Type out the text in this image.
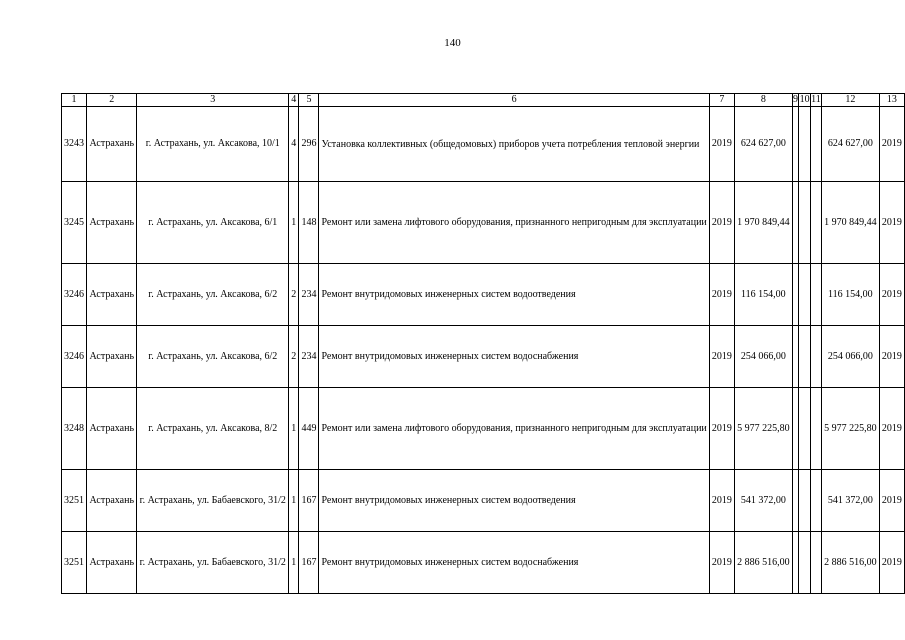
140
1	2	3	4	5	6	7	8	9	10	11	12	13
3243	Астрахань	г. Астрахань, ул. Аксакова, 10/1	4	296	Установка коллективных (общедомовых) приборов учета потребления тепловой энергии	2019	624 627,00				624 627,00	2019
3245	Астрахань	г. Астрахань, ул. Аксакова, 6/1	1	148	Ремонт или замена лифтового оборудования, признанного непригодным для эксплуатации	2019	1 970 849,44				1 970 849,44	2019
3246	Астрахань	г. Астрахань, ул. Аксакова, 6/2	2	234	Ремонт внутридомовых инженерных систем водоотведения	2019	116 154,00				116 154,00	2019
3246	Астрахань	г. Астрахань, ул. Аксакова, 6/2	2	234	Ремонт внутридомовых инженерных систем водоснабжения	2019	254 066,00				254 066,00	2019
3248	Астрахань	г. Астрахань, ул. Аксакова, 8/2	1	449	Ремонт или замена лифтового оборудования, признанного непригодным для эксплуатации	2019	5 977 225,80				5 977 225,80	2019
3251	Астрахань	г. Астрахань, ул. Бабаевского, 31/2	1	167	Ремонт внутридомовых инженерных систем водоотведения	2019	541 372,00				541 372,00	2019
3251	Астрахань	г. Астрахань, ул. Бабаевского, 31/2	1	167	Ремонт внутридомовых инженерных систем водоснабжения	2019	2 886 516,00				2 886 516,00	2019
